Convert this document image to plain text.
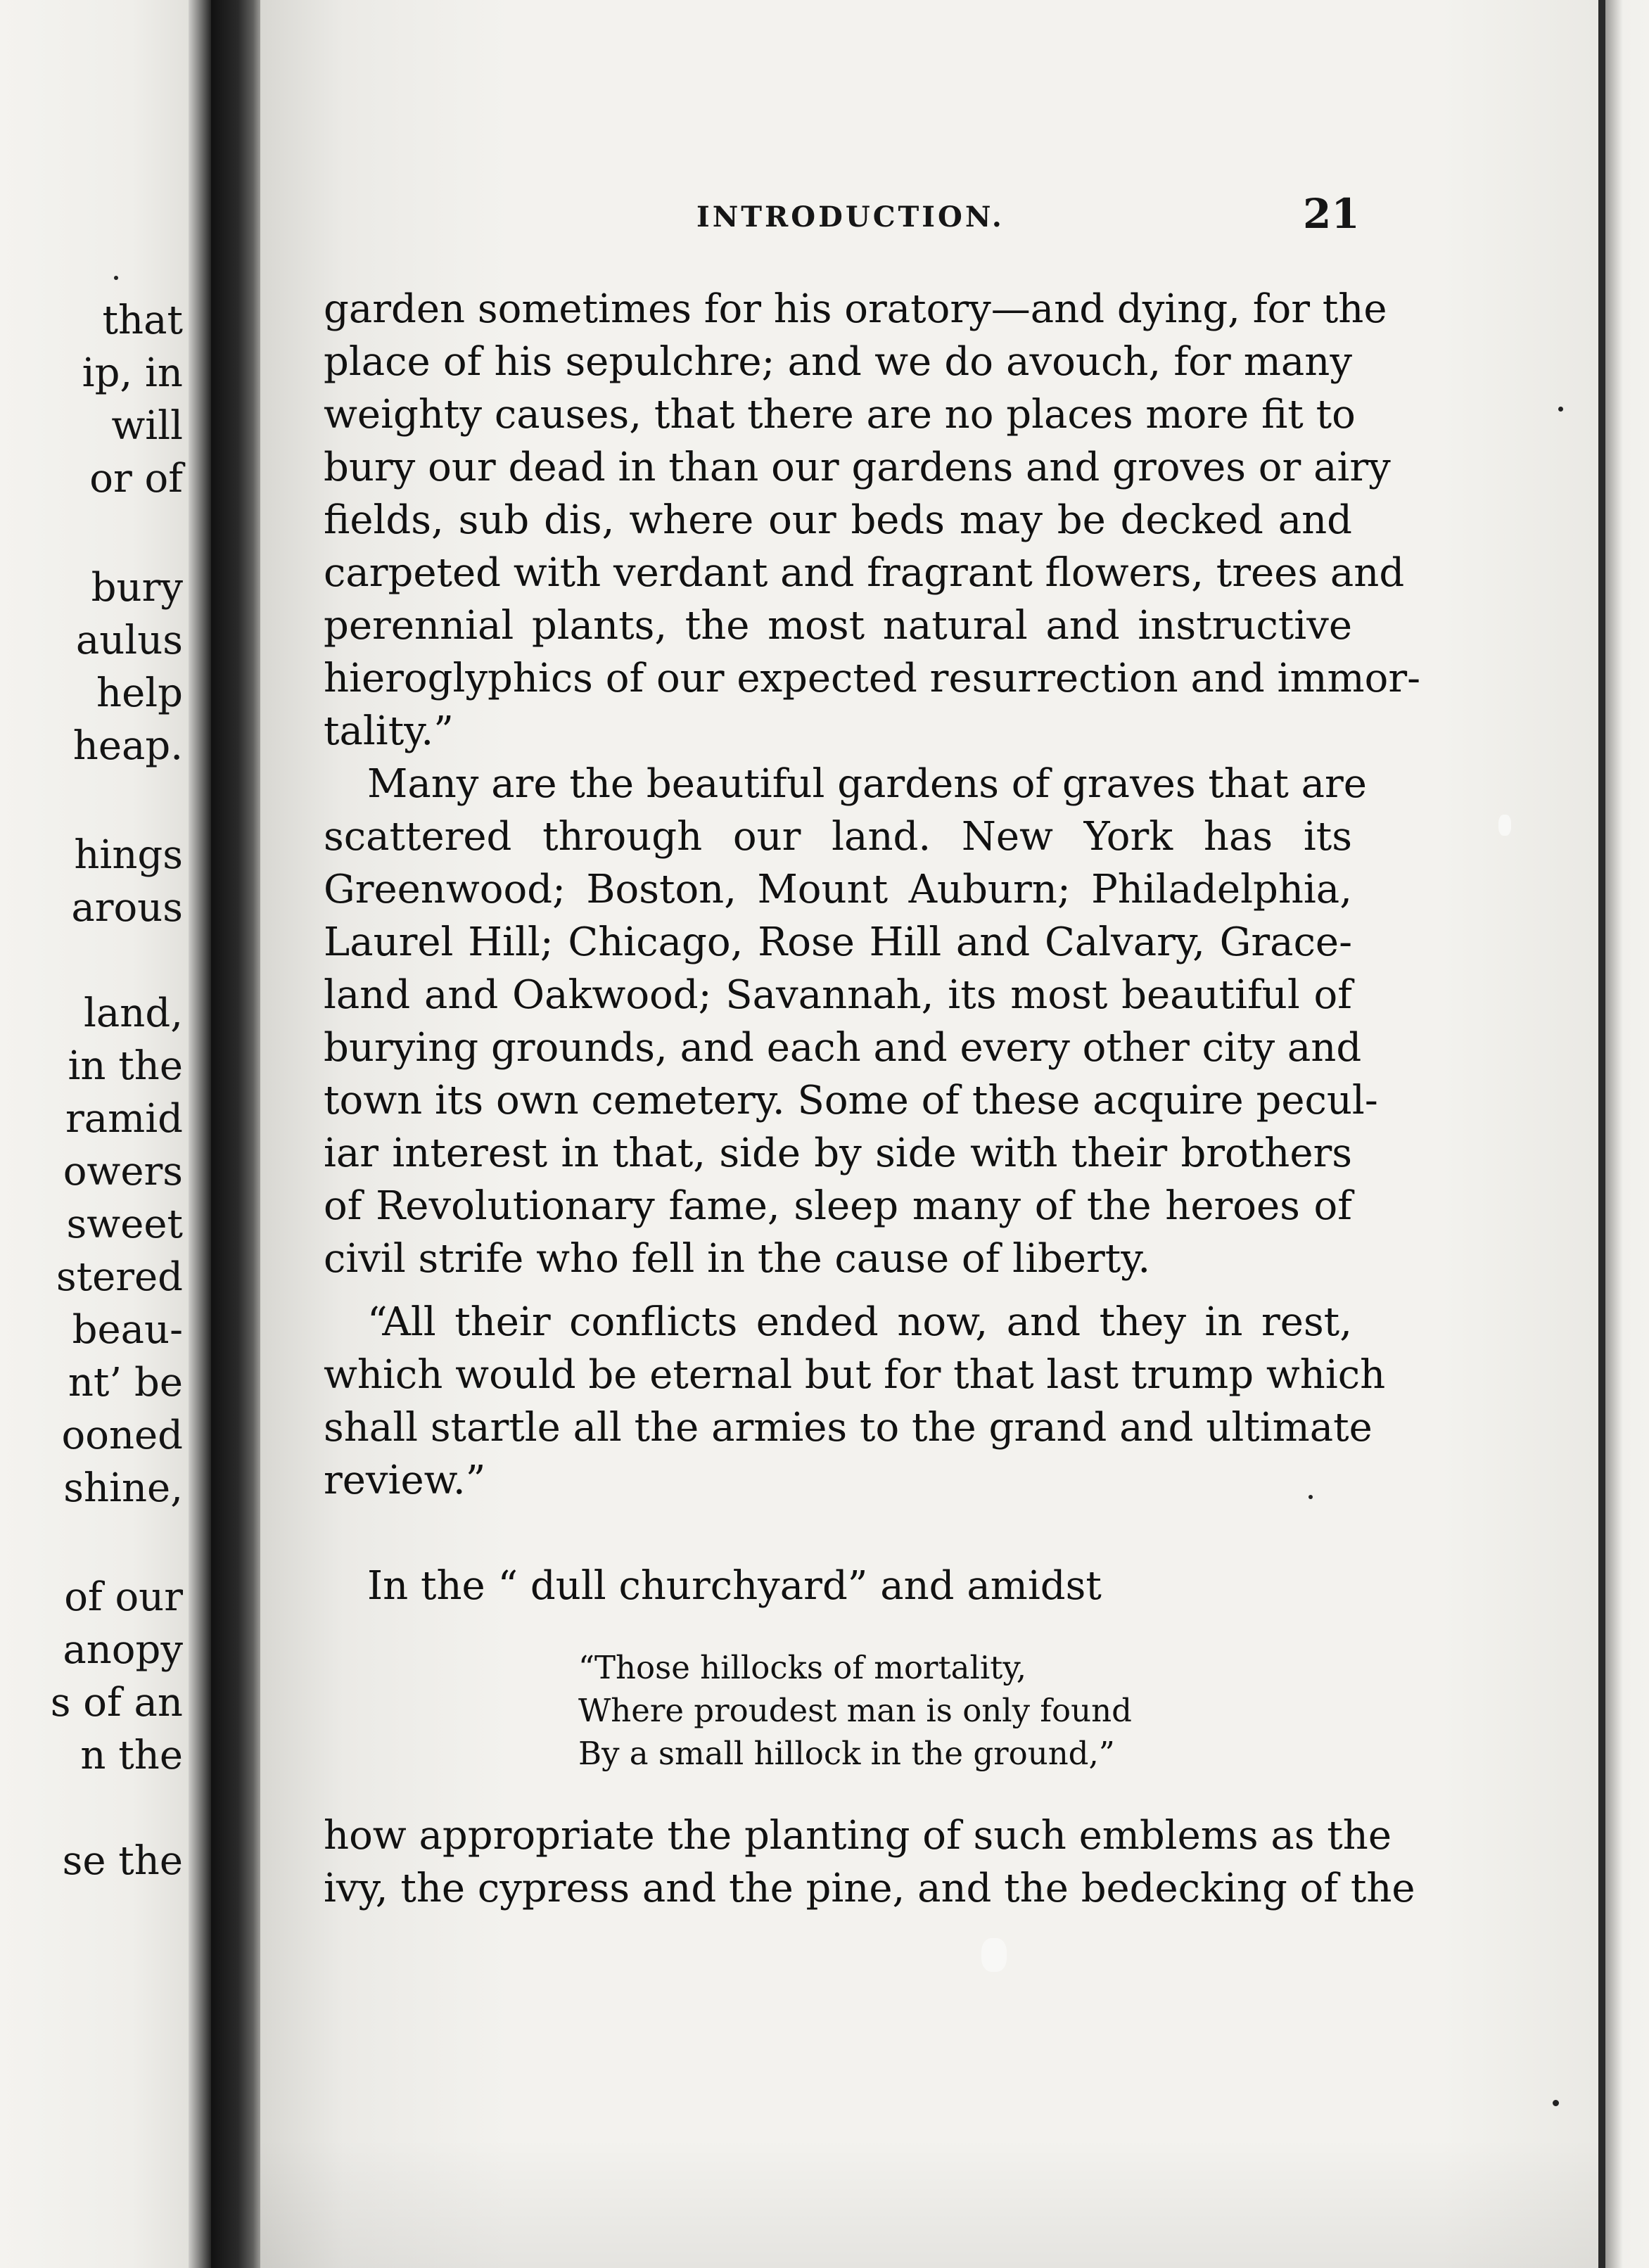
that
ip, in
will
or of
bury
aulus
help
heap.
hings
arous
land,
in the
ramid
owers
sweet
stered
beau-
nt’ be
ooned
shine,
of our
anopy
s of an
n the
se the
INTRODUCTION.	21
garden sometimes for his oratory—and dying, for the
place of his sepulchre; and we do avouch, for many
weighty causes, that there are no places more fit to
bury our dead in than our gardens and groves or airy
fields, sub dis, where our beds may be decked and
carpeted with verdant and fragrant flowers, trees and
perennial plants, the most natural and instructive
hieroglyphics of our expected resurrection and immor-
tality.”
Many are the beautiful gardens of graves that are
scattered through our land. New York has its
Greenwood; Boston, Mount Auburn; Philadelphia,
Laurel Hill; Chicago, Rose Hill and Calvary, Grace-
land and Oakwood; Savannah, its most beautiful of
burying grounds, and each and every other city and
town its own cemetery. Some of these acquire pecul-
iar interest in that, side by side with their brothers
of Revolutionary fame, sleep many of the heroes of
civil strife who fell in the cause of liberty.
“All their conflicts ended now, and they in rest,
which would be eternal but for that last trump which
shall startle all the armies to the grand and ultimate
review.”
In the “ dull churchyard” and amidst
“Those hillocks of mortality,
Where proudest man is only found
By a small hillock in the ground,”
how appropriate the planting of such emblems as the
ivy, the cypress and the pine, and the bedecking of the
